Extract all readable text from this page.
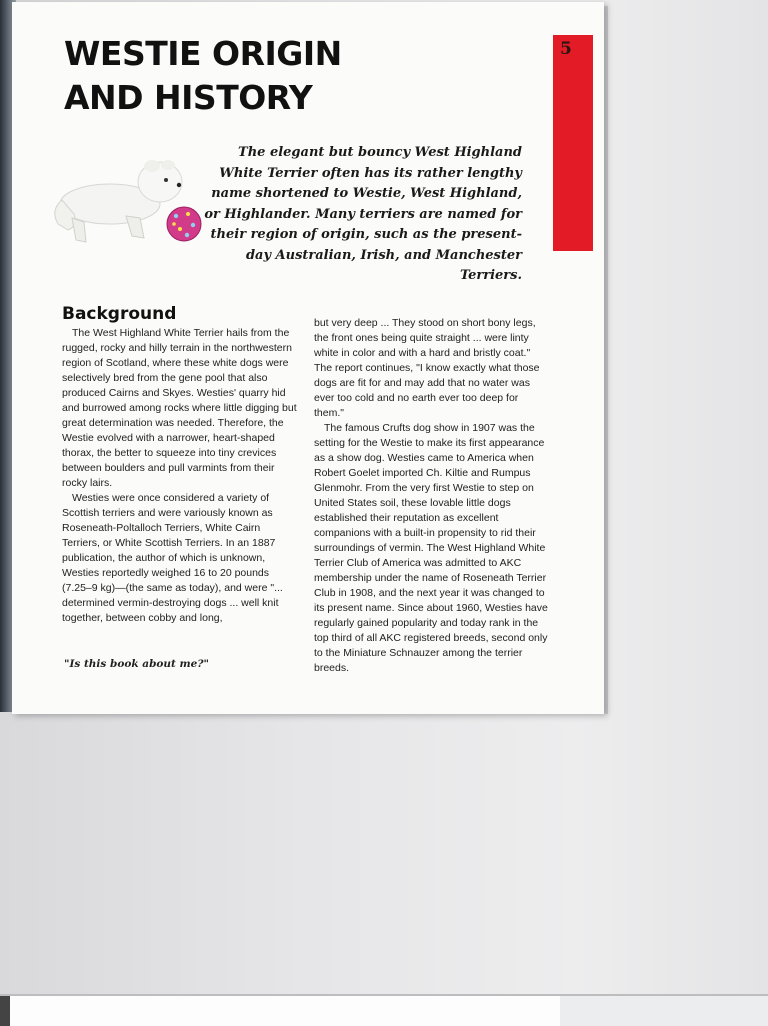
WESTIE ORIGIN
AND HISTORY
5

The elegant but bouncy West Highland White Terrier often has its rather lengthy name shortened to Westie, West Highland, or Highlander. Many terriers are named for their region of origin, such as the present-day Australian, Irish, and Manchester Terriers.

Background

The West Highland White Terrier hails from the rugged, rocky and hilly terrain in the northwestern region of Scotland, where these white dogs were selectively bred from the gene pool that also produced Cairns and Skyes. Westies' quarry hid and burrowed among rocks where little digging but great determination was needed. Therefore, the Westie evolved with a narrower, heart-shaped thorax, the better to squeeze into tiny crevices between boulders and pull varmints from their rocky lairs.

Westies were once considered a variety of Scottish terriers and were variously known as Roseneath-Poltalloch Terriers, White Cairn Terriers, or White Scottish Terriers. In an 1887 publication, the author of which is unknown, Westies reportedly weighed 16 to 20 pounds (7.25–9 kg)—(the same as today), and were "... determined vermin-destroying dogs ... well knit together, between cobby and long,

but very deep ... They stood on short bony legs, the front ones being quite straight ... were linty white in color and with a hard and bristly coat." The report continues, "I know exactly what those dogs are fit for and may add that no water was ever too cold and no earth ever too deep for them."

The famous Crufts dog show in 1907 was the setting for the Westie to make its first appearance as a show dog. Westies came to America when Robert Goelet imported Ch. Kiltie and Rumpus Glenmohr. From the very first Westie to step on United States soil, these lovable little dogs established their reputation as excellent companions with a built-in propensity to rid their surroundings of vermin. The West Highland White Terrier Club of America was admitted to AKC membership under the name of Roseneath Terrier Club in 1908, and the next year it was changed to its present name. Since about 1960, Westies have regularly gained popularity and today rank in the top third of all AKC registered breeds, second only to the Miniature Schnauzer among the terrier breeds.

"Is this book about me?"
